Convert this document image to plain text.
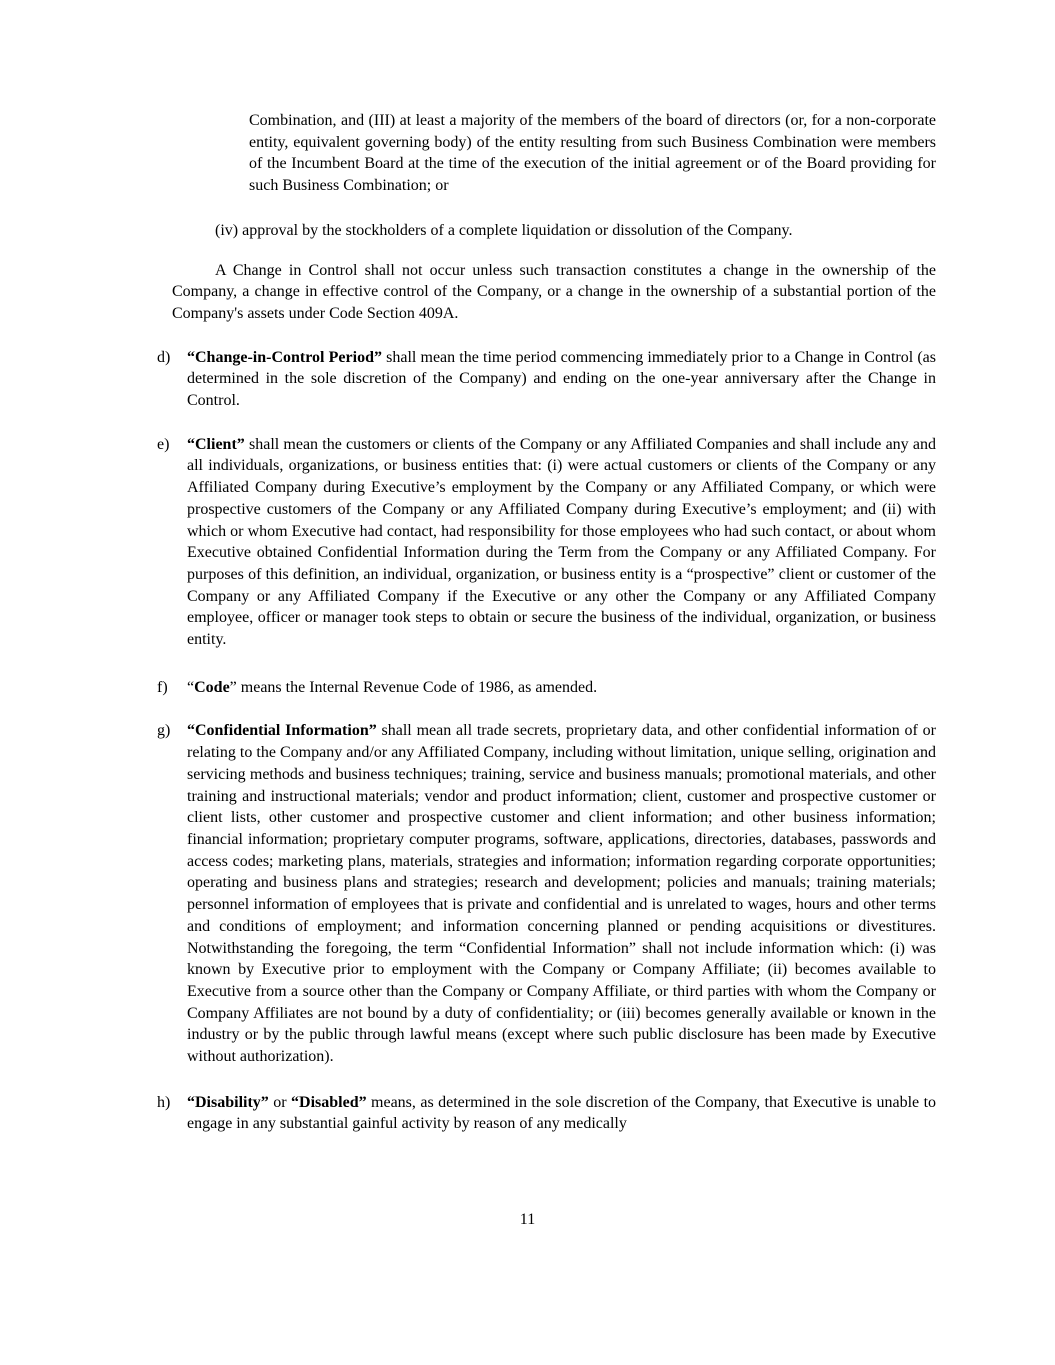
Combination, and (III) at least a majority of the members of the board of directors (or, for a non-corporate entity, equivalent governing body) of the entity resulting from such Business Combination were members of the Incumbent Board at the time of the execution of the initial agreement or of the Board providing for such Business Combination; or

(iv) approval by the stockholders of a complete liquidation or dissolution of the Company.

A Change in Control shall not occur unless such transaction constitutes a change in the ownership of the Company, a change in effective control of the Company, or a change in the ownership of a substantial portion of the Company's assets under Code Section 409A.

d)	“Change-in-Control Period” shall mean the time period commencing immediately prior to a Change in Control (as determined in the sole discretion of the Company) and ending on the one-year anniversary after the Change in Control.

e)	“Client” shall mean the customers or clients of the Company or any Affiliated Companies and shall include any and all individuals, organizations, or business entities that: (i) were actual customers or clients of the Company or any Affiliated Company during Executive’s employment by the Company or any Affiliated Company, or which were prospective customers of the Company or any Affiliated Company during Executive’s employment; and (ii) with which or whom Executive had contact, had responsibility for those employees who had such contact, or about whom Executive obtained Confidential Information during the Term from the Company or any Affiliated Company. For purposes of this definition, an individual, organization, or business entity is a “prospective” client or customer of the Company or any Affiliated Company if the Executive or any other the Company or any Affiliated Company employee, officer or manager took steps to obtain or secure the business of the individual, organization, or business entity.

f)	“Code” means the Internal Revenue Code of 1986, as amended.

g)	“Confidential Information” shall mean all trade secrets, proprietary data, and other confidential information of or relating to the Company and/or any Affiliated Company, including without limitation, unique selling, origination and servicing methods and business techniques; training, service and business manuals; promotional materials, and other training and instructional materials; vendor and product information; client, customer and prospective customer or client lists, other customer and prospective customer and client information; and other business information; financial information; proprietary computer programs, software, applications, directories, databases, passwords and access codes; marketing plans, materials, strategies and information; information regarding corporate opportunities; operating and business plans and strategies; research and development; policies and manuals; training materials; personnel information of employees that is private and confidential and is unrelated to wages, hours and other terms and conditions of employment; and information concerning planned or pending acquisitions or divestitures. Notwithstanding the foregoing, the term “Confidential Information” shall not include information which: (i) was known by Executive prior to employment with the Company or Company Affiliate; (ii) becomes available to Executive from a source other than the Company or Company Affiliate, or third parties with whom the Company or Company Affiliates are not bound by a duty of confidentiality; or (iii) becomes generally available or known in the industry or by the public through lawful means (except where such public disclosure has been made by Executive without authorization).

h)	“Disability” or “Disabled” means, as determined in the sole discretion of the Company, that Executive is unable to engage in any substantial gainful activity by reason of any medically

11
